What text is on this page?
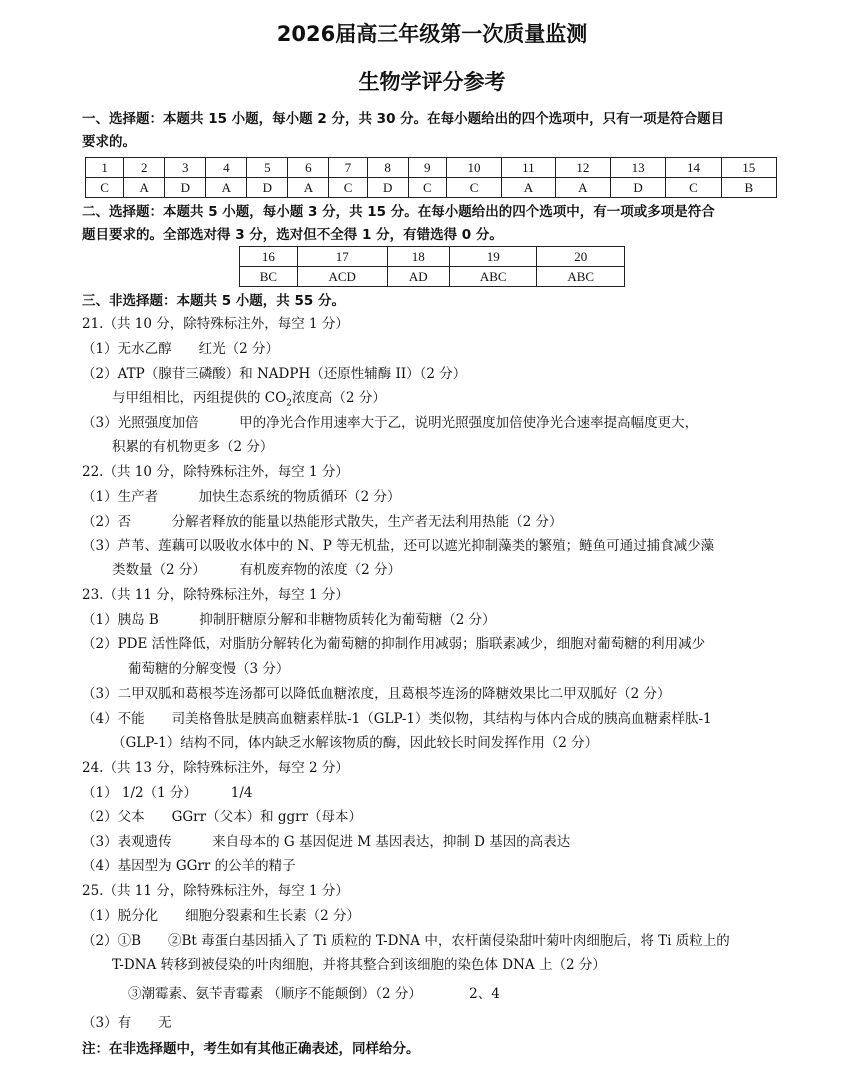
2026届高三年级第一次质量监测
生物学评分参考
一、选择题：本题共 15 小题，每小题 2 分，共 30 分。在每小题给出的四个选项中，只有一项是符合题目
要求的。
1	2	3	4	5	6	7	8	9	10	11	12	13	14	15
C	A	D	A	D	A	C	D	C	C	A	A	D	C	B
二、选择题：本题共 5 小题，每小题 3 分，共 15 分。在每小题给出的四个选项中，有一项或多项是符合
题目要求的。全部选对得 3 分，选对但不全得 1 分，有错选得 0 分。
16	17	18	19	20
BC	ACD	AD	ABC	ABC
三、非选择题：本题共 5 小题，共 55 分。
21.（共 10 分，除特殊标注外，每空 1 分）
（1）无水乙醇　　红光（2 分）
（2）ATP（腺苷三磷酸）和 NADPH（还原性辅酶 II）（2 分）
与甲组相比，丙组提供的 $CO_2$浓度高（2 分）
（3）光照强度加倍　　　甲的净光合作用速率大于乙，说明光照强度加倍使净光合速率提高幅度更大，
积累的有机物更多（2 分）
22.（共 10 分，除特殊标注外，每空 1 分）
（1）生产者　　　加快生态系统的物质循环（2 分）
（2）否　　　分解者释放的能量以热能形式散失，生产者无法利用热能（2 分）
（3）芦苇、莲藕可以吸收水体中的 N、P 等无机盐，还可以遮光抑制藻类的繁殖；鲢鱼可通过捕食减少藻
类数量（2 分）　　　有机废弃物的浓度（2 分）
23.（共 11 分，除特殊标注外，每空 1 分）
（1）胰岛 B　　　抑制肝糖原分解和非糖物质转化为葡萄糖（2 分）
（2）PDE 活性降低，对脂肪分解转化为葡萄糖的抑制作用减弱；脂联素减少，细胞对葡萄糖的利用减少
葡萄糖的分解变慢（3 分）
（3）二甲双胍和葛根芩连汤都可以降低血糖浓度，且葛根芩连汤的降糖效果比二甲双胍好（2 分）
（4）不能　　司美格鲁肽是胰高血糖素样肽-1（GLP-1）类似物，其结构与体内合成的胰高血糖素样肽-1
（GLP-1）结构不同，体内缺乏水解该物质的酶，因此较长时间发挥作用（2 分）
24.（共 13 分，除特殊标注外，每空 2 分）
（1） 1/2（1 分）　　　1/4
（2）父本　　GGrr（父本）和 ggrr（母本）
（3）表观遗传　　　来自母本的 G 基因促进 M 基因表达，抑制 D 基因的高表达
（4）基因型为 GGrr 的公羊的精子
25.（共 11 分，除特殊标注外，每空 1 分）
（1）脱分化　　细胞分裂素和生长素（2 分）
（2）①B　　②Bt 毒蛋白基因插入了 Ti 质粒的 T-DNA 中，农杆菌侵染甜叶菊叶肉细胞后，将 Ti 质粒上的
T-DNA 转移到被侵染的叶肉细胞，并将其整合到该细胞的染色体 DNA 上（2 分）
③潮霉素、氨苄青霉素 （顺序不能颠倒）（2 分）　　　　2、4
（3）有　　无
注：在非选择题中，考生如有其他正确表述，同样给分。
